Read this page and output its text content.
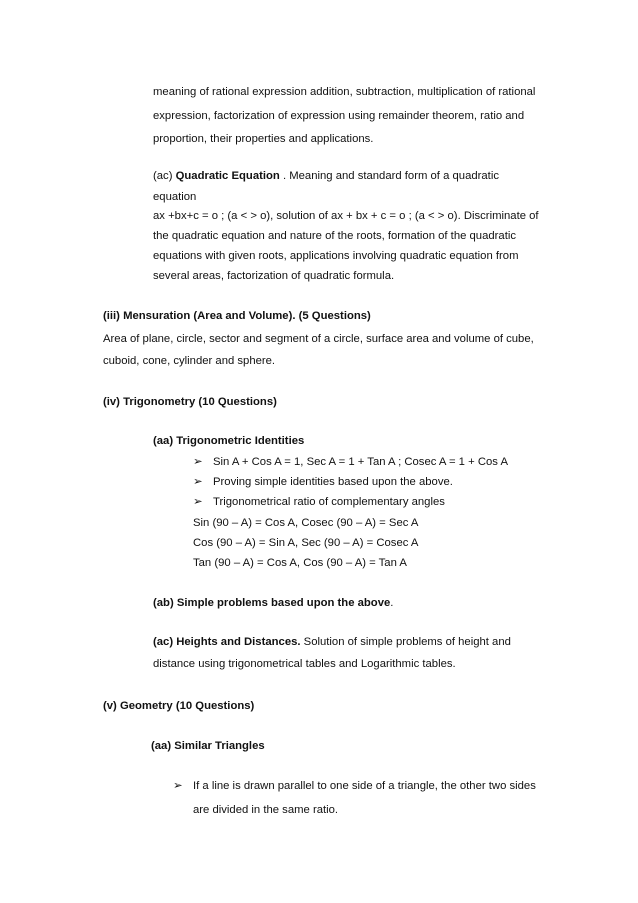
meaning of rational expression addition, subtraction, multiplication of rational
expression, factorization of expression using remainder theorem, ratio and
proportion, their properties and applications.
(ac) Quadratic Equation . Meaning and standard form of a quadratic
equation
ax +bx+c = o ; (a < > o), solution of ax + bx + c = o ; (a < > o). Discriminate of
the quadratic equation and nature of the roots, formation of the quadratic
equations with given roots, applications involving quadratic equation from
several areas, factorization of quadratic formula.
(iii) Mensuration (Area and Volume). (5 Questions)
Area of plane, circle, sector and segment of a circle, surface area and volume of cube,
cuboid, cone, cylinder and sphere.
(iv) Trigonometry (10 Questions)
(aa) Trigonometric Identities
➢ Sin A + Cos A = 1, Sec A = 1 + Tan A ; Cosec A = 1 + Cos A
➢ Proving simple identities based upon the above.
➢ Trigonometrical ratio of complementary angles
Sin (90 – A) = Cos A, Cosec (90 – A) = Sec A
Cos (90 – A) = Sin A, Sec (90 – A) = Cosec A
Tan (90 – A) = Cos A, Cos (90 – A) = Tan A
(ab) Simple problems based upon the above.
(ac) Heights and Distances. Solution of simple problems of height and
distance using trigonometrical tables and Logarithmic tables.
(v) Geometry (10 Questions)
(aa) Similar Triangles
➢ If a line is drawn parallel to one side of a triangle, the other two sides
are divided in the same ratio.
